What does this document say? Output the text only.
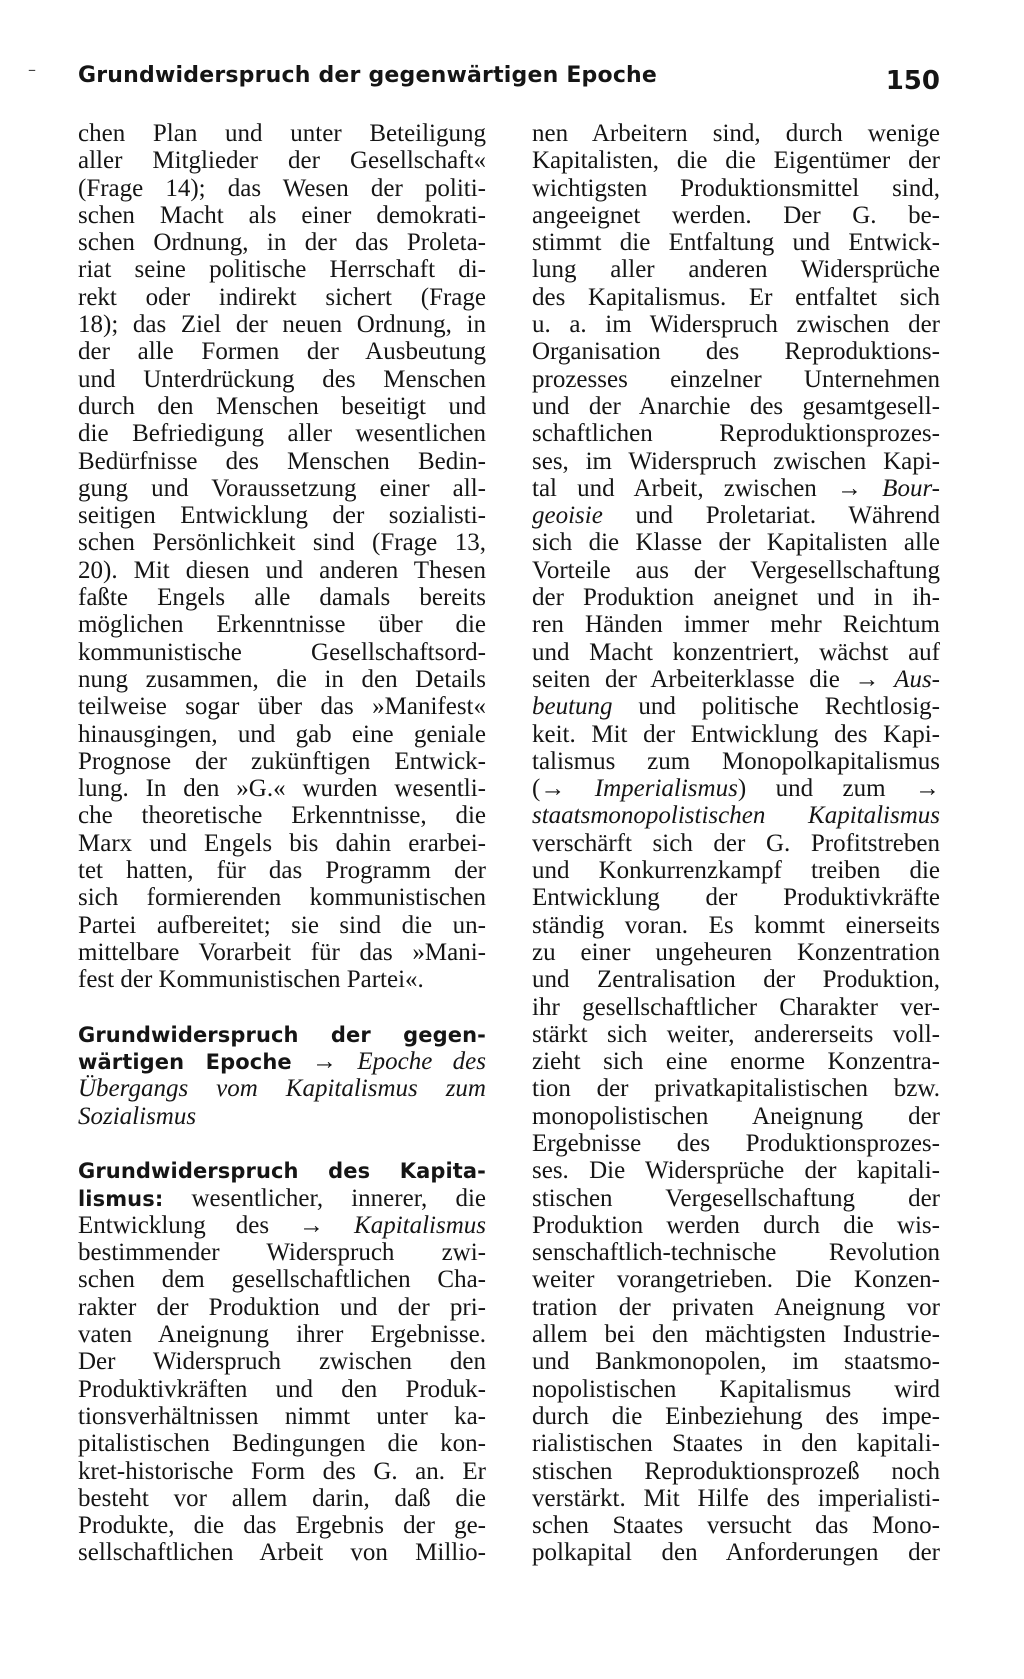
– Grundwiderspruch der gegenwärtigen Epoche	150
chen Plan und unter Beteiligung
aller Mitglieder der Gesellschaft«
(Frage 14); das Wesen der politi-
schen Macht als einer demokrati-
schen Ordnung, in der das Proleta-
riat seine politische Herrschaft di-
rekt oder indirekt sichert (Frage
18); das Ziel der neuen Ordnung, in
der alle Formen der Ausbeutung
und Unterdrückung des Menschen
durch den Menschen beseitigt und
die Befriedigung aller wesentlichen
Bedürfnisse des Menschen Bedin-
gung und Voraussetzung einer all-
seitigen Entwicklung der sozialisti-
schen Persönlichkeit sind (Frage 13,
20). Mit diesen und anderen Thesen
faßte Engels alle damals bereits
möglichen Erkenntnisse über die
kommunistische Gesellschaftsord-
nung zusammen, die in den Details
teilweise sogar über das »Manifest«
hinausgingen, und gab eine geniale
Prognose der zukünftigen Entwick-
lung. In den »G.« wurden wesentli-
che theoretische Erkenntnisse, die
Marx und Engels bis dahin erarbei-
tet hatten, für das Programm der
sich formierenden kommunistischen
Partei aufbereitet; sie sind die un-
mittelbare Vorarbeit für das »Mani-
fest der Kommunistischen Partei«.
Grundwiderspruch der gegen-
wärtigen Epoche → Epoche des
Übergangs vom Kapitalismus zum
Sozialismus
Grundwiderspruch des Kapita-
lismus: wesentlicher, innerer, die
Entwicklung des → Kapitalismus
bestimmender Widerspruch zwi-
schen dem gesellschaftlichen Cha-
rakter der Produktion und der pri-
vaten Aneignung ihrer Ergebnisse.
Der Widerspruch zwischen den
Produktivkräften und den Produk-
tionsverhältnissen nimmt unter ka-
pitalistischen Bedingungen die kon-
kret-historische Form des G. an. Er
besteht vor allem darin, daß die
Produkte, die das Ergebnis der ge-
sellschaftlichen Arbeit von Millio-
nen Arbeitern sind, durch wenige
Kapitalisten, die die Eigentümer der
wichtigsten Produktionsmittel sind,
angeeignet werden. Der G. be-
stimmt die Entfaltung und Entwick-
lung aller anderen Widersprüche
des Kapitalismus. Er entfaltet sich
u. a. im Widerspruch zwischen der
Organisation des Reproduktions-
prozesses einzelner Unternehmen
und der Anarchie des gesamtgesell-
schaftlichen Reproduktionsprozes-
ses, im Widerspruch zwischen Kapi-
tal und Arbeit, zwischen → Bour-
geoisie und Proletariat. Während
sich die Klasse der Kapitalisten alle
Vorteile aus der Vergesellschaftung
der Produktion aneignet und in ih-
ren Händen immer mehr Reichtum
und Macht konzentriert, wächst auf
seiten der Arbeiterklasse die → Aus-
beutung und politische Rechtlosig-
keit. Mit der Entwicklung des Kapi-
talismus zum Monopolkapitalismus
(→ Imperialismus) und zum →
staatsmonopolistischen Kapitalismus
verschärft sich der G. Profitstreben
und Konkurrenzkampf treiben die
Entwicklung der Produktivkräfte
ständig voran. Es kommt einerseits
zu einer ungeheuren Konzentration
und Zentralisation der Produktion,
ihr gesellschaftlicher Charakter ver-
stärkt sich weiter, andererseits voll-
zieht sich eine enorme Konzentra-
tion der privatkapitalistischen bzw.
monopolistischen Aneignung der
Ergebnisse des Produktionsprozes-
ses. Die Widersprüche der kapitali-
stischen Vergesellschaftung der
Produktion werden durch die wis-
senschaftlich-technische Revolution
weiter vorangetrieben. Die Konzen-
tration der privaten Aneignung vor
allem bei den mächtigsten Industrie-
und Bankmonopolen, im staatsmo-
nopolistischen Kapitalismus wird
durch die Einbeziehung des impe-
rialistischen Staates in den kapitali-
stischen Reproduktionsprozeß noch
verstärkt. Mit Hilfe des imperialisti-
schen Staates versucht das Mono-
polkapital den Anforderungen der
